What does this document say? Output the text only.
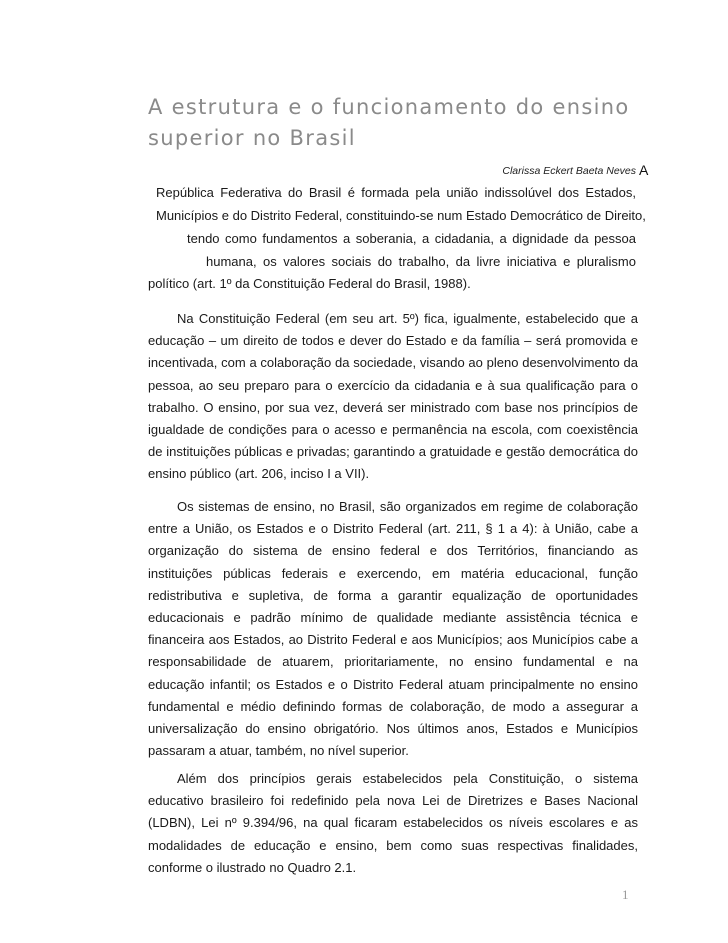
A estrutura e o funcionamento do ensino superior no Brasil
Clarissa Eckert Baeta Neves A
República Federativa do Brasil é formada pela união indissolúvel dos Estados,
Municípios e do Distrito Federal, constituindo-se num Estado Democrático de Direito,
tendo como fundamentos a soberania, a cidadania, a dignidade da pessoa
humana, os valores sociais do trabalho, da livre iniciativa e pluralismo
político (art. 1º da Constituição Federal do Brasil, 1988).

Na Constituição Federal (em seu art. 5º) fica, igualmente, estabelecido que a educação – um direito de todos e dever do Estado e da família – será promovida e incentivada, com a colaboração da sociedade, visando ao pleno desenvolvimento da pessoa, ao seu preparo para o exercício da cidadania e à sua qualificação para o trabalho. O ensino, por sua vez, deverá ser ministrado com base nos princípios de igualdade de condições para o acesso e permanência na escola, com coexistência de instituições públicas e privadas; garantindo a gratuidade e gestão democrática do ensino público (art. 206, inciso I a VII).

Os sistemas de ensino, no Brasil, são organizados em regime de colaboração entre a União, os Estados e o Distrito Federal (art. 211, § 1 a 4): à União, cabe a organização do sistema de ensino federal e dos Territórios, financiando as instituições públicas federais e exercendo, em matéria educacional, função redistributiva e supletiva, de forma a garantir equalização de oportunidades educacionais e padrão mínimo de qualidade mediante assistência técnica e financeira aos Estados, ao Distrito Federal e aos Municípios; aos Municípios cabe a responsabilidade de atuarem, prioritariamente, no ensino fundamental e na educação infantil; os Estados e o Distrito Federal atuam principalmente no ensino fundamental e médio definindo formas de colaboração, de modo a assegurar a universalização do ensino obrigatório. Nos últimos anos, Estados e Municípios passaram a atuar, também, no nível superior.

Além dos princípios gerais estabelecidos pela Constituição, o sistema educativo brasileiro foi redefinido pela nova Lei de Diretrizes e Bases Nacional (LDBN), Lei nº 9.394/96, na qual ficaram estabelecidos os níveis escolares e as modalidades de educação e ensino, bem como suas respectivas finalidades, conforme o ilustrado no Quadro 2.1.

1
